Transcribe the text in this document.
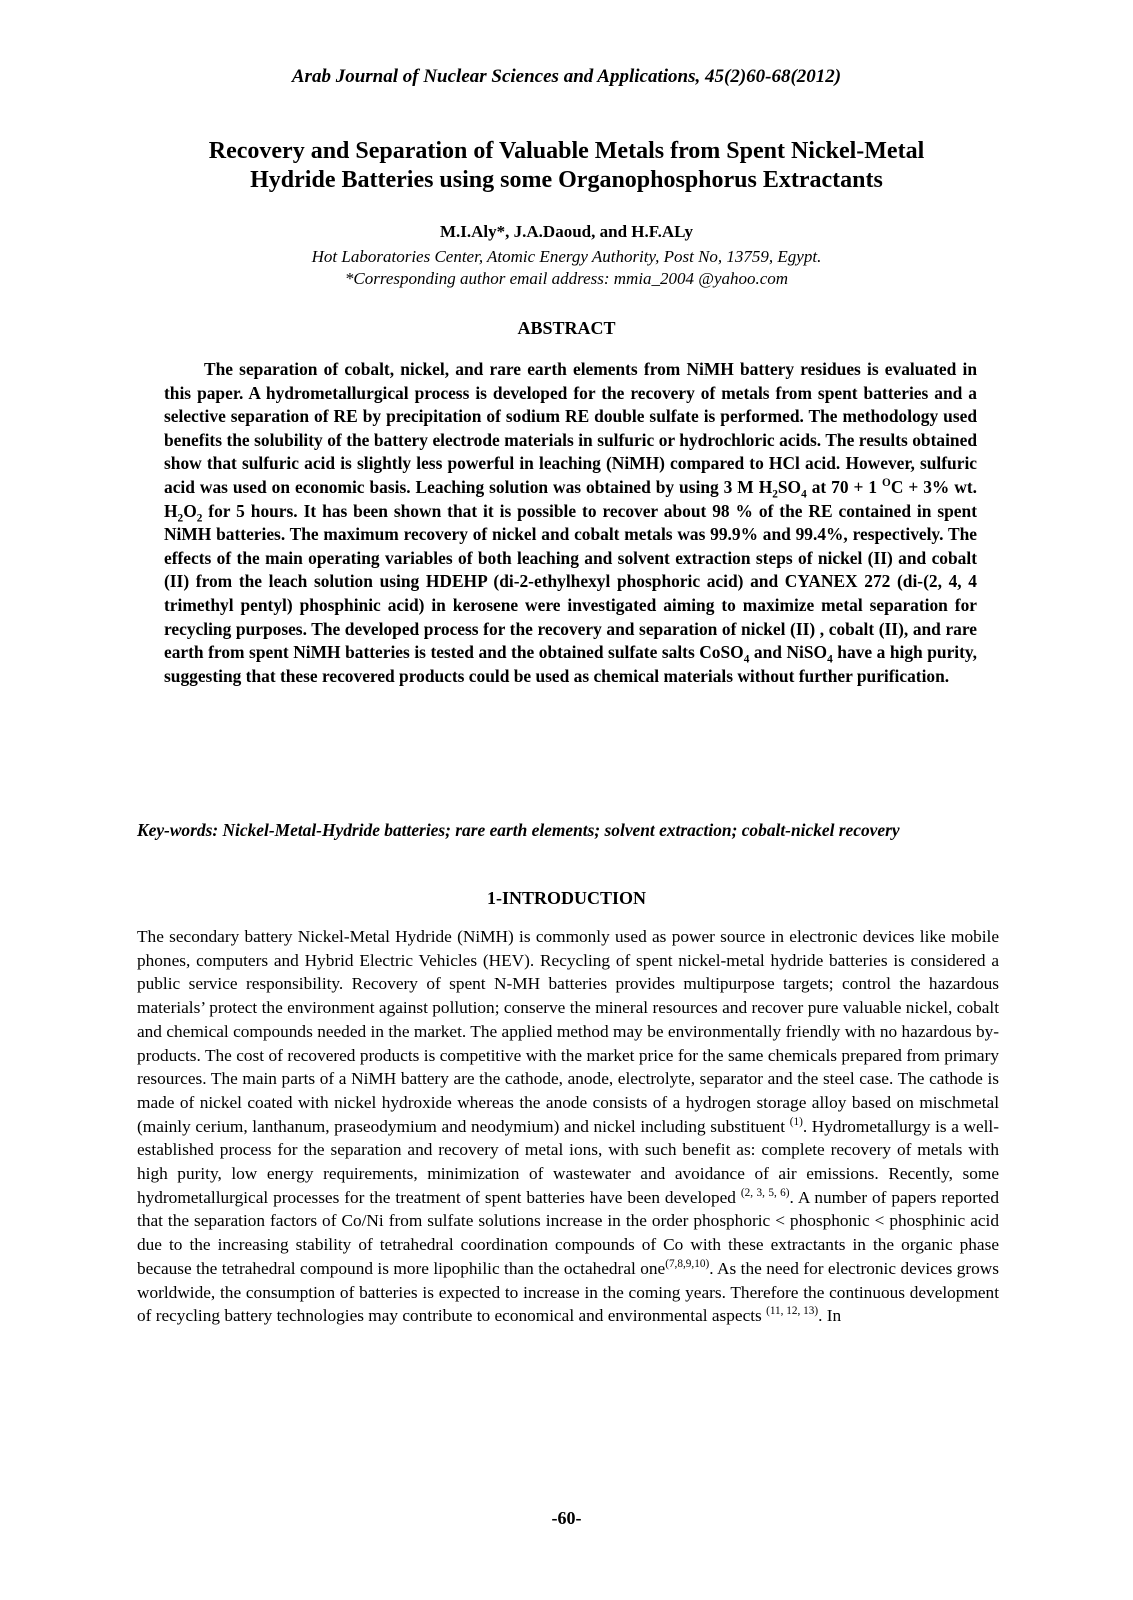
Arab Journal of Nuclear Sciences and Applications, 45(2)60-68(2012)
Recovery and Separation of Valuable Metals from Spent Nickel-Metal
Hydride Batteries using some Organophosphorus Extractants
M.I.Aly*, J.A.Daoud, and H.F.ALy
Hot Laboratories Center, Atomic Energy Authority, Post No, 13759, Egypt.
*Corresponding author email address: mmia_2004 @yahoo.com
ABSTRACT
The separation of cobalt, nickel, and rare earth elements from NiMH battery residues is evaluated in this paper. A hydrometallurgical process is developed for the recovery of metals from spent batteries and a selective separation of RE by precipitation of sodium RE double sulfate is performed. The methodology used benefits the solubility of the battery electrode materials in sulfuric or hydrochloric acids. The results obtained show that sulfuric acid is slightly less powerful in leaching (NiMH) compared to HCl acid. However, sulfuric acid was used on economic basis. Leaching solution was obtained by using 3 M $H_2SO_4$ at 70 + 1 $^O$C + 3% wt. $H_2O_2$ for 5 hours. It has been shown that it is possible to recover about 98 % of the RE contained in spent NiMH batteries. The maximum recovery of nickel and cobalt metals was 99.9% and 99.4%, respectively. The effects of the main operating variables of both leaching and solvent extraction steps of nickel (II) and cobalt (II) from the leach solution using HDEHP (di-2-ethylhexyl phosphoric acid) and CYANEX 272 (di-(2, 4, 4 trimethyl pentyl) phosphinic acid) in kerosene were investigated aiming to maximize metal separation for recycling purposes. The developed process for the recovery and separation of nickel (II) , cobalt (II), and rare earth from spent NiMH batteries is tested and the obtained sulfate salts CoSO$_4$ and NiSO$_4$ have a high purity, suggesting that these recovered products could be used as chemical materials without further purification.
Key-words: Nickel-Metal-Hydride batteries; rare earth elements; solvent extraction; cobalt-nickel recovery
1-INTRODUCTION
The secondary battery Nickel-Metal Hydride (NiMH) is commonly used as power source in electronic devices like mobile phones, computers and Hybrid Electric Vehicles (HEV). Recycling of spent nickel-metal hydride batteries is considered a public service responsibility. Recovery of spent N-MH batteries provides multipurpose targets; control the hazardous materials’ protect the environment against pollution; conserve the mineral resources and recover pure valuable nickel, cobalt and chemical compounds needed in the market. The applied method may be environmentally friendly with no hazardous by-products. The cost of recovered products is competitive with the market price for the same chemicals prepared from primary resources. The main parts of a NiMH battery are the cathode, anode, electrolyte, separator and the steel case. The cathode is made of nickel coated with nickel hydroxide whereas the anode consists of a hydrogen storage alloy based on mischmetal (mainly cerium, lanthanum, praseodymium and neodymium) and nickel including substituent $^{(1)}$. Hydrometallurgy is a well-established process for the separation and recovery of metal ions, with such benefit as: complete recovery of metals with high purity, low energy requirements, minimization of wastewater and avoidance of air emissions. Recently, some hydrometallurgical processes for the treatment of spent batteries have been developed $^{(2, 3, 5, 6)}$. A number of papers reported that the separation factors of Co/Ni from sulfate solutions increase in the order phosphoric < phosphonic < phosphinic acid due to the increasing stability of tetrahedral coordination compounds of Co with these extractants in the organic phase because the tetrahedral compound is more lipophilic than the octahedral one$^{(7,8,9,10)}$. As the need for electronic devices grows worldwide, the consumption of batteries is expected to increase in the coming years. Therefore the continuous development of recycling battery technologies may contribute to economical and environmental aspects $^{(11, 12, 13)}$. In
-60-
